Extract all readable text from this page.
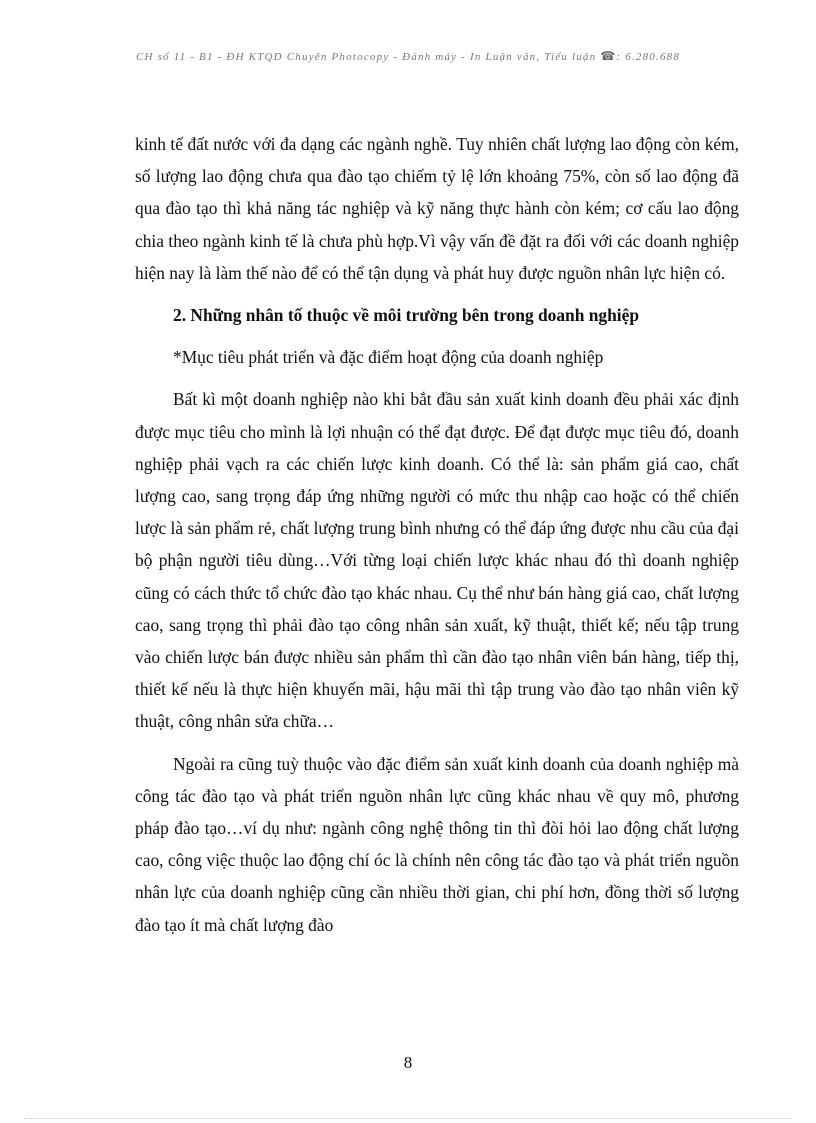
CH số 11 - B1 - ĐH KTQD Chuyên Photocopy - Đánh máy - In Luận văn, Tiểu luận ☎: 6.280.688

kinh tế đất nước với đa dạng các ngành nghề. Tuy nhiên chất lượng lao động còn kém, số lượng lao động chưa qua đào tạo chiếm tỷ lệ lớn khoảng 75%, còn số lao động đã qua đào tạo thì khả năng tác nghiệp và kỹ năng thực hành còn kém; cơ cấu lao động chia theo ngành kinh tế là chưa phù hợp.Vì vậy vấn đề đặt ra đối với các doanh nghiệp hiện nay là làm thế nào để có thể tận dụng và phát huy được nguồn nhân lực hiện có.

2. Những nhân tố thuộc về môi trường bên trong doanh nghiệp

*Mục tiêu phát triển và đặc điểm hoạt động của doanh nghiệp

Bất kì một doanh nghiệp nào khi bắt đầu sản xuất kinh doanh đều phải xác định được mục tiêu cho mình là lợi nhuận có thể đạt được. Để đạt được mục tiêu đó, doanh nghiệp phải vạch ra các chiến lược kinh doanh. Có thể là: sản phẩm giá cao, chất lượng cao, sang trọng đáp ứng những người có mức thu nhập cao hoặc có thể chiến lược là sản phẩm rẻ, chất lượng trung bình nhưng có thể đáp ứng được nhu cầu của đại bộ phận người tiêu dùng…Với từng loại chiến lược khác nhau đó thì doanh nghiệp cũng có cách thức tổ chức đào tạo khác nhau. Cụ thể như bán hàng giá cao, chất lượng cao, sang trọng thì phải đào tạo công nhân sản xuất, kỹ thuật, thiết kế; nếu tập trung vào chiến lược bán được nhiều sản phẩm thì cần đào tạo nhân viên bán hàng, tiếp thị, thiết kế nếu là thực hiện khuyến mãi, hậu mãi thì tập trung vào đào tạo nhân viên kỹ thuật, công nhân sửa chữa…

Ngoài ra cũng tuỳ thuộc vào đặc điểm sản xuất kinh doanh của doanh nghiệp mà công tác đào tạo và phát triển nguồn nhân lực cũng khác nhau về quy mô, phương pháp đào tạo…ví dụ như: ngành công nghệ thông tin thì đòi hỏi lao động chất lượng cao, công việc thuộc lao động chí óc là chính nên công tác đào tạo và phát triển nguồn nhân lực của doanh nghiệp cũng cần nhiều thời gian, chi phí hơn, đồng thời số lượng đào tạo ít mà chất lượng đào

8
